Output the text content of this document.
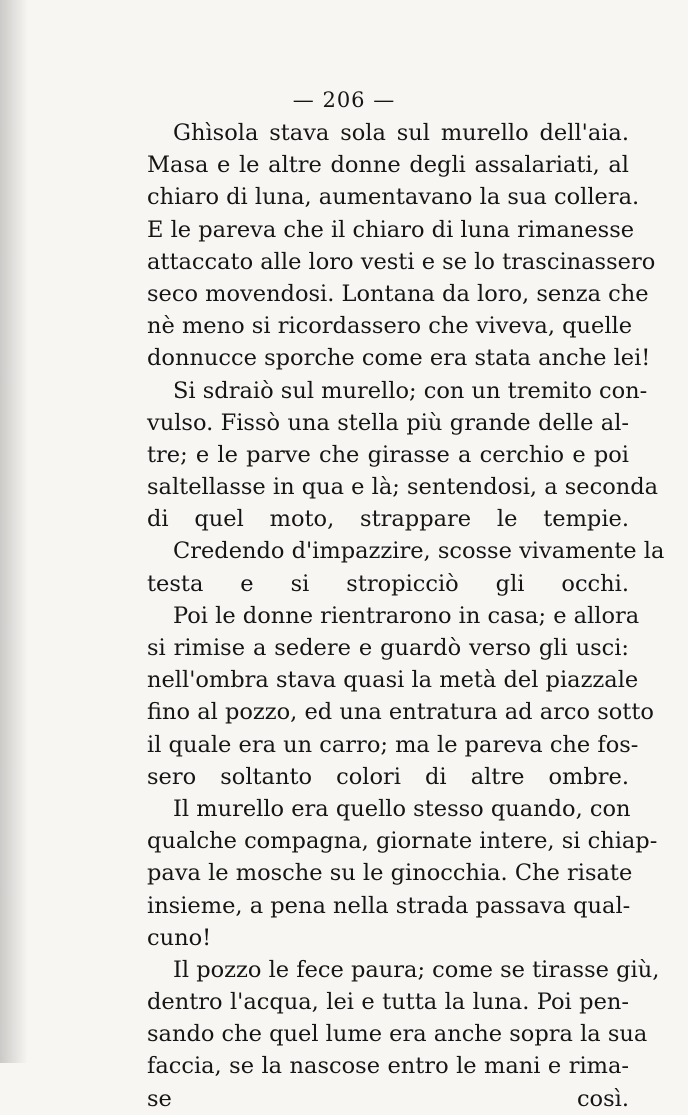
— 206 —

Ghìsola stava sola sul murello dell'aia.

Masa e le altre donne degli assalariati, al

chiaro di luna, aumentavano la sua collera.

E le pareva che il chiaro di luna rimanesse

attaccato alle loro vesti e se lo trascinassero

seco movendosi. Lontana da loro, senza che

nè meno si ricordassero che viveva, quelle

donnucce sporche come era stata anche lei!

Si sdraiò sul murello; con un tremito con-

vulso. Fissò una stella più grande delle al-

tre; e le parve che girasse a cerchio e poi

saltellasse in qua e là; sentendosi, a seconda

di quel moto, strappare le tempie.

Credendo d'impazzire, scosse vivamente la

testa e si stropicciò gli occhi.

Poi le donne rientrarono in casa; e allora

si rimise a sedere e guardò verso gli usci:

nell'ombra stava quasi la metà del piazzale

fino al pozzo, ed una entratura ad arco sotto

il quale era un carro; ma le pareva che fos-

sero soltanto colori di altre ombre.

Il murello era quello stesso quando, con

qualche compagna, giornate intere, si chiap-

pava le mosche su le ginocchia. Che risate

insieme, a pena nella strada passava qual-

cuno!

Il pozzo le fece paura; come se tirasse giù,

dentro l'acqua, lei e tutta la luna. Poi pen-

sando che quel lume era anche sopra la sua

faccia, se la nascose entro le mani e rima-

se così.
